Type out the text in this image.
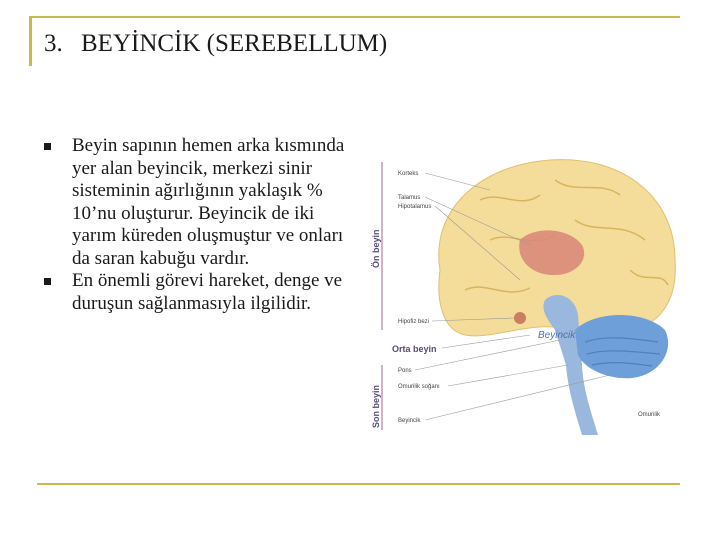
3. BEYİNCİK (SEREBELLUM)
Beyin sapının hemen arka kısmında yer alan beyincik, merkezi sinir sisteminin ağırlığının yaklaşık % 10’nu oluşturur. Beyincik de iki yarım küreden oluşmuştur ve onları da saran kabuğu vardır.
En önemli görevi hareket, denge ve duruşun sağlanmasıyla ilgilidir.
Korteks
Talamus
Hipotalamus
Hipofiz bezi
Pons
Omurilik soğanı
Beyincik
Omurilik
Beyincik
Ön beyin
Orta beyin
Son beyin
